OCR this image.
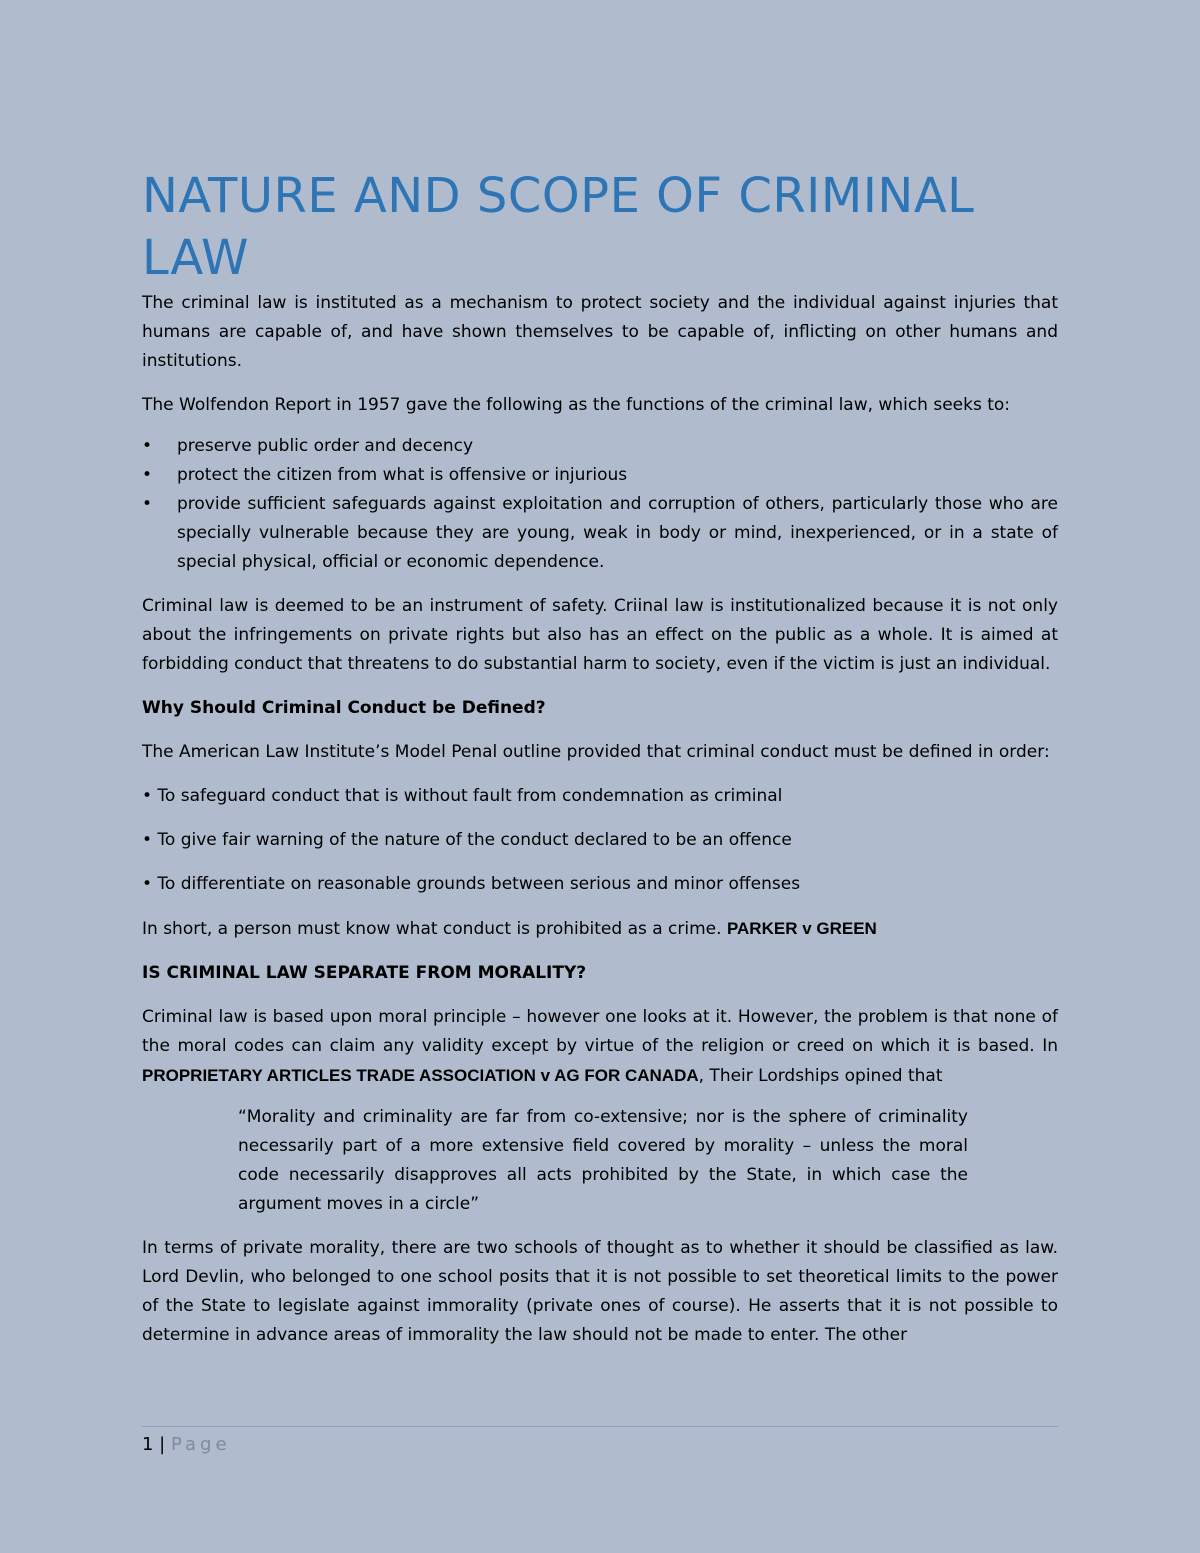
NATURE AND SCOPE OF CRIMINAL
LAW

The criminal law is instituted as a mechanism to protect society and the individual against injuries that humans are capable of, and have shown themselves to be capable of, inflicting on other humans and institutions.

The Wolfendon Report in 1957 gave the following as the functions of the criminal law, which seeks to:

• preserve public order and decency
• protect the citizen from what is offensive or injurious
• provide sufficient safeguards against exploitation and corruption of others, particularly those who are specially vulnerable because they are young, weak in body or mind, inexperienced, or in a state of special physical, official or economic dependence.

Criminal law is deemed to be an instrument of safety. Criinal law is institutionalized because it is not only about the infringements on private rights but also has an effect on the public as a whole. It is aimed at forbidding conduct that threatens to do substantial harm to society, even if the victim is just an individual.

Why Should Criminal Conduct be Defined?

The American Law Institute’s Model Penal outline provided that criminal conduct must be defined in order:

• To safeguard conduct that is without fault from condemnation as criminal
• To give fair warning of the nature of the conduct declared to be an offence
• To differentiate on reasonable grounds between serious and minor offenses

In short, a person must know what conduct is prohibited as a crime. PARKER v GREEN

IS CRIMINAL LAW SEPARATE FROM MORALITY?

Criminal law is based upon moral principle – however one looks at it. However, the problem is that none of the moral codes can claim any validity except by virtue of the religion or creed on which it is based. In PROPRIETARY ARTICLES TRADE ASSOCIATION v AG FOR CANADA, Their Lordships opined that

“Morality and criminality are far from co-extensive; nor is the sphere of criminality necessarily part of a more extensive field covered by morality – unless the moral code necessarily disapproves all acts prohibited by the State, in which case the argument moves in a circle”

In terms of private morality, there are two schools of thought as to whether it should be classified as law. Lord Devlin, who belonged to one school posits that it is not possible to set theoretical limits to the power of the State to legislate against immorality (private ones of course). He asserts that it is not possible to determine in advance areas of immorality the law should not be made to enter. The other

1 | Page
